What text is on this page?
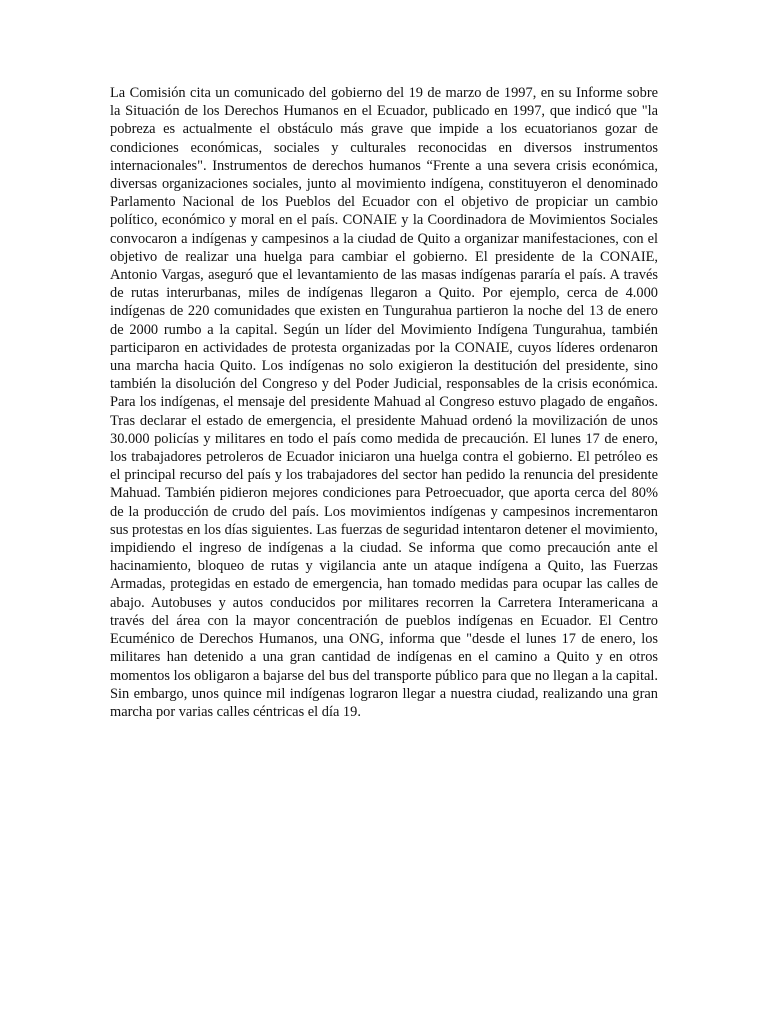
La Comisión cita un comunicado del gobierno del 19 de marzo de 1997, en su Informe sobre la Situación de los Derechos Humanos en el Ecuador, publicado en 1997, que indicó que "la pobreza es actualmente el obstáculo más grave que impide a los ecuatorianos gozar de condiciones económicas, sociales y culturales reconocidas en diversos instrumentos internacionales". Instrumentos de derechos humanos “Frente a una severa crisis económica, diversas organizaciones sociales, junto al movimiento indígena, constituyeron el denominado Parlamento Nacional de los Pueblos del Ecuador con el objetivo de propiciar un cambio político, económico y moral en el país. CONAIE y la Coordinadora de Movimientos Sociales convocaron a indígenas y campesinos a la ciudad de Quito a organizar manifestaciones, con el objetivo de realizar una huelga para cambiar el gobierno. El presidente de la CONAIE, Antonio Vargas, aseguró que el levantamiento de las masas indígenas pararía el país. A través de rutas interurbanas, miles de indígenas llegaron a Quito. Por ejemplo, cerca de 4.000 indígenas de 220 comunidades que existen en Tungurahua partieron la noche del 13 de enero de 2000 rumbo a la capital. Según un líder del Movimiento Indígena Tungurahua, también participaron en actividades de protesta organizadas por la CONAIE, cuyos líderes ordenaron una marcha hacia Quito. Los indígenas no solo exigieron la destitución del presidente, sino también la disolución del Congreso y del Poder Judicial, responsables de la crisis económica. Para los indígenas, el mensaje del presidente Mahuad al Congreso estuvo plagado de engaños. Tras declarar el estado de emergencia, el presidente Mahuad ordenó la movilización de unos 30.000 policías y militares en todo el país como medida de precaución. El lunes 17 de enero, los trabajadores petroleros de Ecuador iniciaron una huelga contra el gobierno. El petróleo es el principal recurso del país y los trabajadores del sector han pedido la renuncia del presidente Mahuad. También pidieron mejores condiciones para Petroecuador, que aporta cerca del 80% de la producción de crudo del país. Los movimientos indígenas y campesinos incrementaron sus protestas en los días siguientes. Las fuerzas de seguridad intentaron detener el movimiento, impidiendo el ingreso de indígenas a la ciudad. Se informa que como precaución ante el hacinamiento, bloqueo de rutas y vigilancia ante un ataque indígena a Quito, las Fuerzas Armadas, protegidas en estado de emergencia, han tomado medidas para ocupar las calles de abajo. Autobuses y autos conducidos por militares recorren la Carretera Interamericana a través del área con la mayor concentración de pueblos indígenas en Ecuador. El Centro Ecuménico de Derechos Humanos, una ONG, informa que "desde el lunes 17 de enero, los militares han detenido a una gran cantidad de indígenas en el camino a Quito y en otros momentos los obligaron a bajarse del bus del transporte público para que no llegan a la capital. Sin embargo, unos quince mil indígenas lograron llegar a nuestra ciudad, realizando una gran marcha por varias calles céntricas el día 19.
